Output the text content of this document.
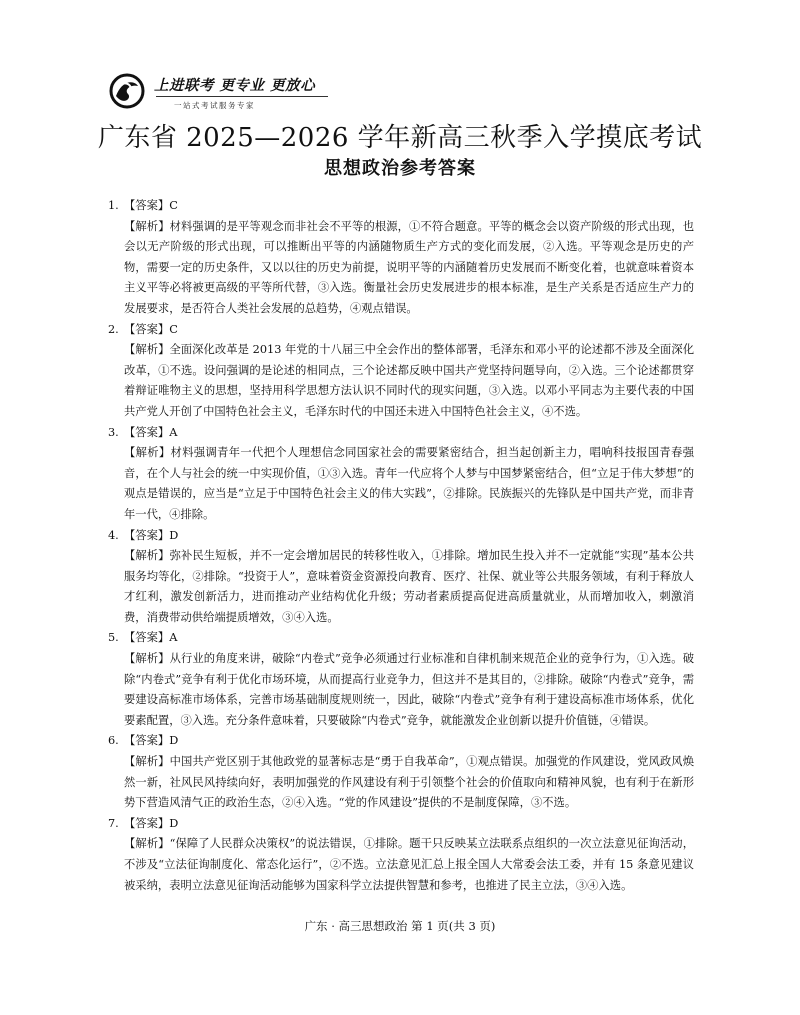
上进联考 更专业 更放心
一站式考试服务专家
广东省 2025—2026 学年新高三秋季入学摸底考试
思想政治参考答案
1. 【答案】C

【解析】材料强调的是平等观念而非社会不平等的根源，①不符合题意。平等的概念会以资产阶级的形式出现，也会以无产阶级的形式出现，可以推断出平等的内涵随物质生产方式的变化而发展，②入选。平等观念是历史的产物，需要一定的历史条件，又以以往的历史为前提，说明平等的内涵随着历史发展而不断变化着，也就意味着资本主义平等必将被更高级的平等所代替，③入选。衡量社会历史发展进步的根本标准，是生产关系是否适应生产力的发展要求，是否符合人类社会发展的总趋势，④观点错误。

2. 【答案】C

【解析】全面深化改革是 2013 年党的十八届三中全会作出的整体部署，毛泽东和邓小平的论述都不涉及全面深化改革，①不选。设问强调的是论述的相同点，三个论述都反映中国共产党坚持问题导向，②入选。三个论述都贯穿着辩证唯物主义的思想，坚持用科学思想方法认识不同时代的现实问题，③入选。以邓小平同志为主要代表的中国共产党人开创了中国特色社会主义，毛泽东时代的中国还未进入中国特色社会主义，④不选。

3. 【答案】A

【解析】材料强调青年一代把个人理想信念同国家社会的需要紧密结合，担当起创新主力，唱响科技报国青春强音，在个人与社会的统一中实现价值，①③入选。青年一代应将个人梦与中国梦紧密结合，但“立足于伟大梦想”的观点是错误的，应当是“立足于中国特色社会主义的伟大实践”，②排除。民族振兴的先锋队是中国共产党，而非青年一代，④排除。

4. 【答案】D

【解析】弥补民生短板，并不一定会增加居民的转移性收入，①排除。增加民生投入并不一定就能“实现”基本公共服务均等化，②排除。“投资于人”，意味着资金资源投向教育、医疗、社保、就业等公共服务领域，有利于释放人才红利，激发创新活力，进而推动产业结构优化升级；劳动者素质提高促进高质量就业，从而增加收入，刺激消费，消费带动供给端提质增效，③④入选。

5. 【答案】A

【解析】从行业的角度来讲，破除“内卷式”竞争必须通过行业标准和自律机制来规范企业的竞争行为，①入选。破除“内卷式”竞争有利于优化市场环境，从而提高行业竞争力，但这并不是其目的，②排除。破除“内卷式”竞争，需要建设高标准市场体系，完善市场基础制度规则统一，因此，破除“内卷式”竞争有利于建设高标准市场体系，优化要素配置，③入选。充分条件意味着，只要破除“内卷式”竞争，就能激发企业创新以提升价值链，④错误。

6. 【答案】D

【解析】中国共产党区别于其他政党的显著标志是“勇于自我革命”，①观点错误。加强党的作风建设，党风政风焕然一新，社风民风持续向好，表明加强党的作风建设有利于引领整个社会的价值取向和精神风貌，也有利于在新形势下营造风清气正的政治生态，②④入选。“党的作风建设”提供的不是制度保障，③不选。

7. 【答案】D

【解析】“保障了人民群众决策权”的说法错误，①排除。题干只反映某立法联系点组织的一次立法意见征询活动，不涉及“立法征询制度化、常态化运行”，②不选。立法意见汇总上报全国人大常委会法工委，并有 15 条意见建议被采纳，表明立法意见征询活动能够为国家科学立法提供智慧和参考，也推进了民主立法，③④入选。

广东 · 高三思想政治 第 1 页(共 3 页)
